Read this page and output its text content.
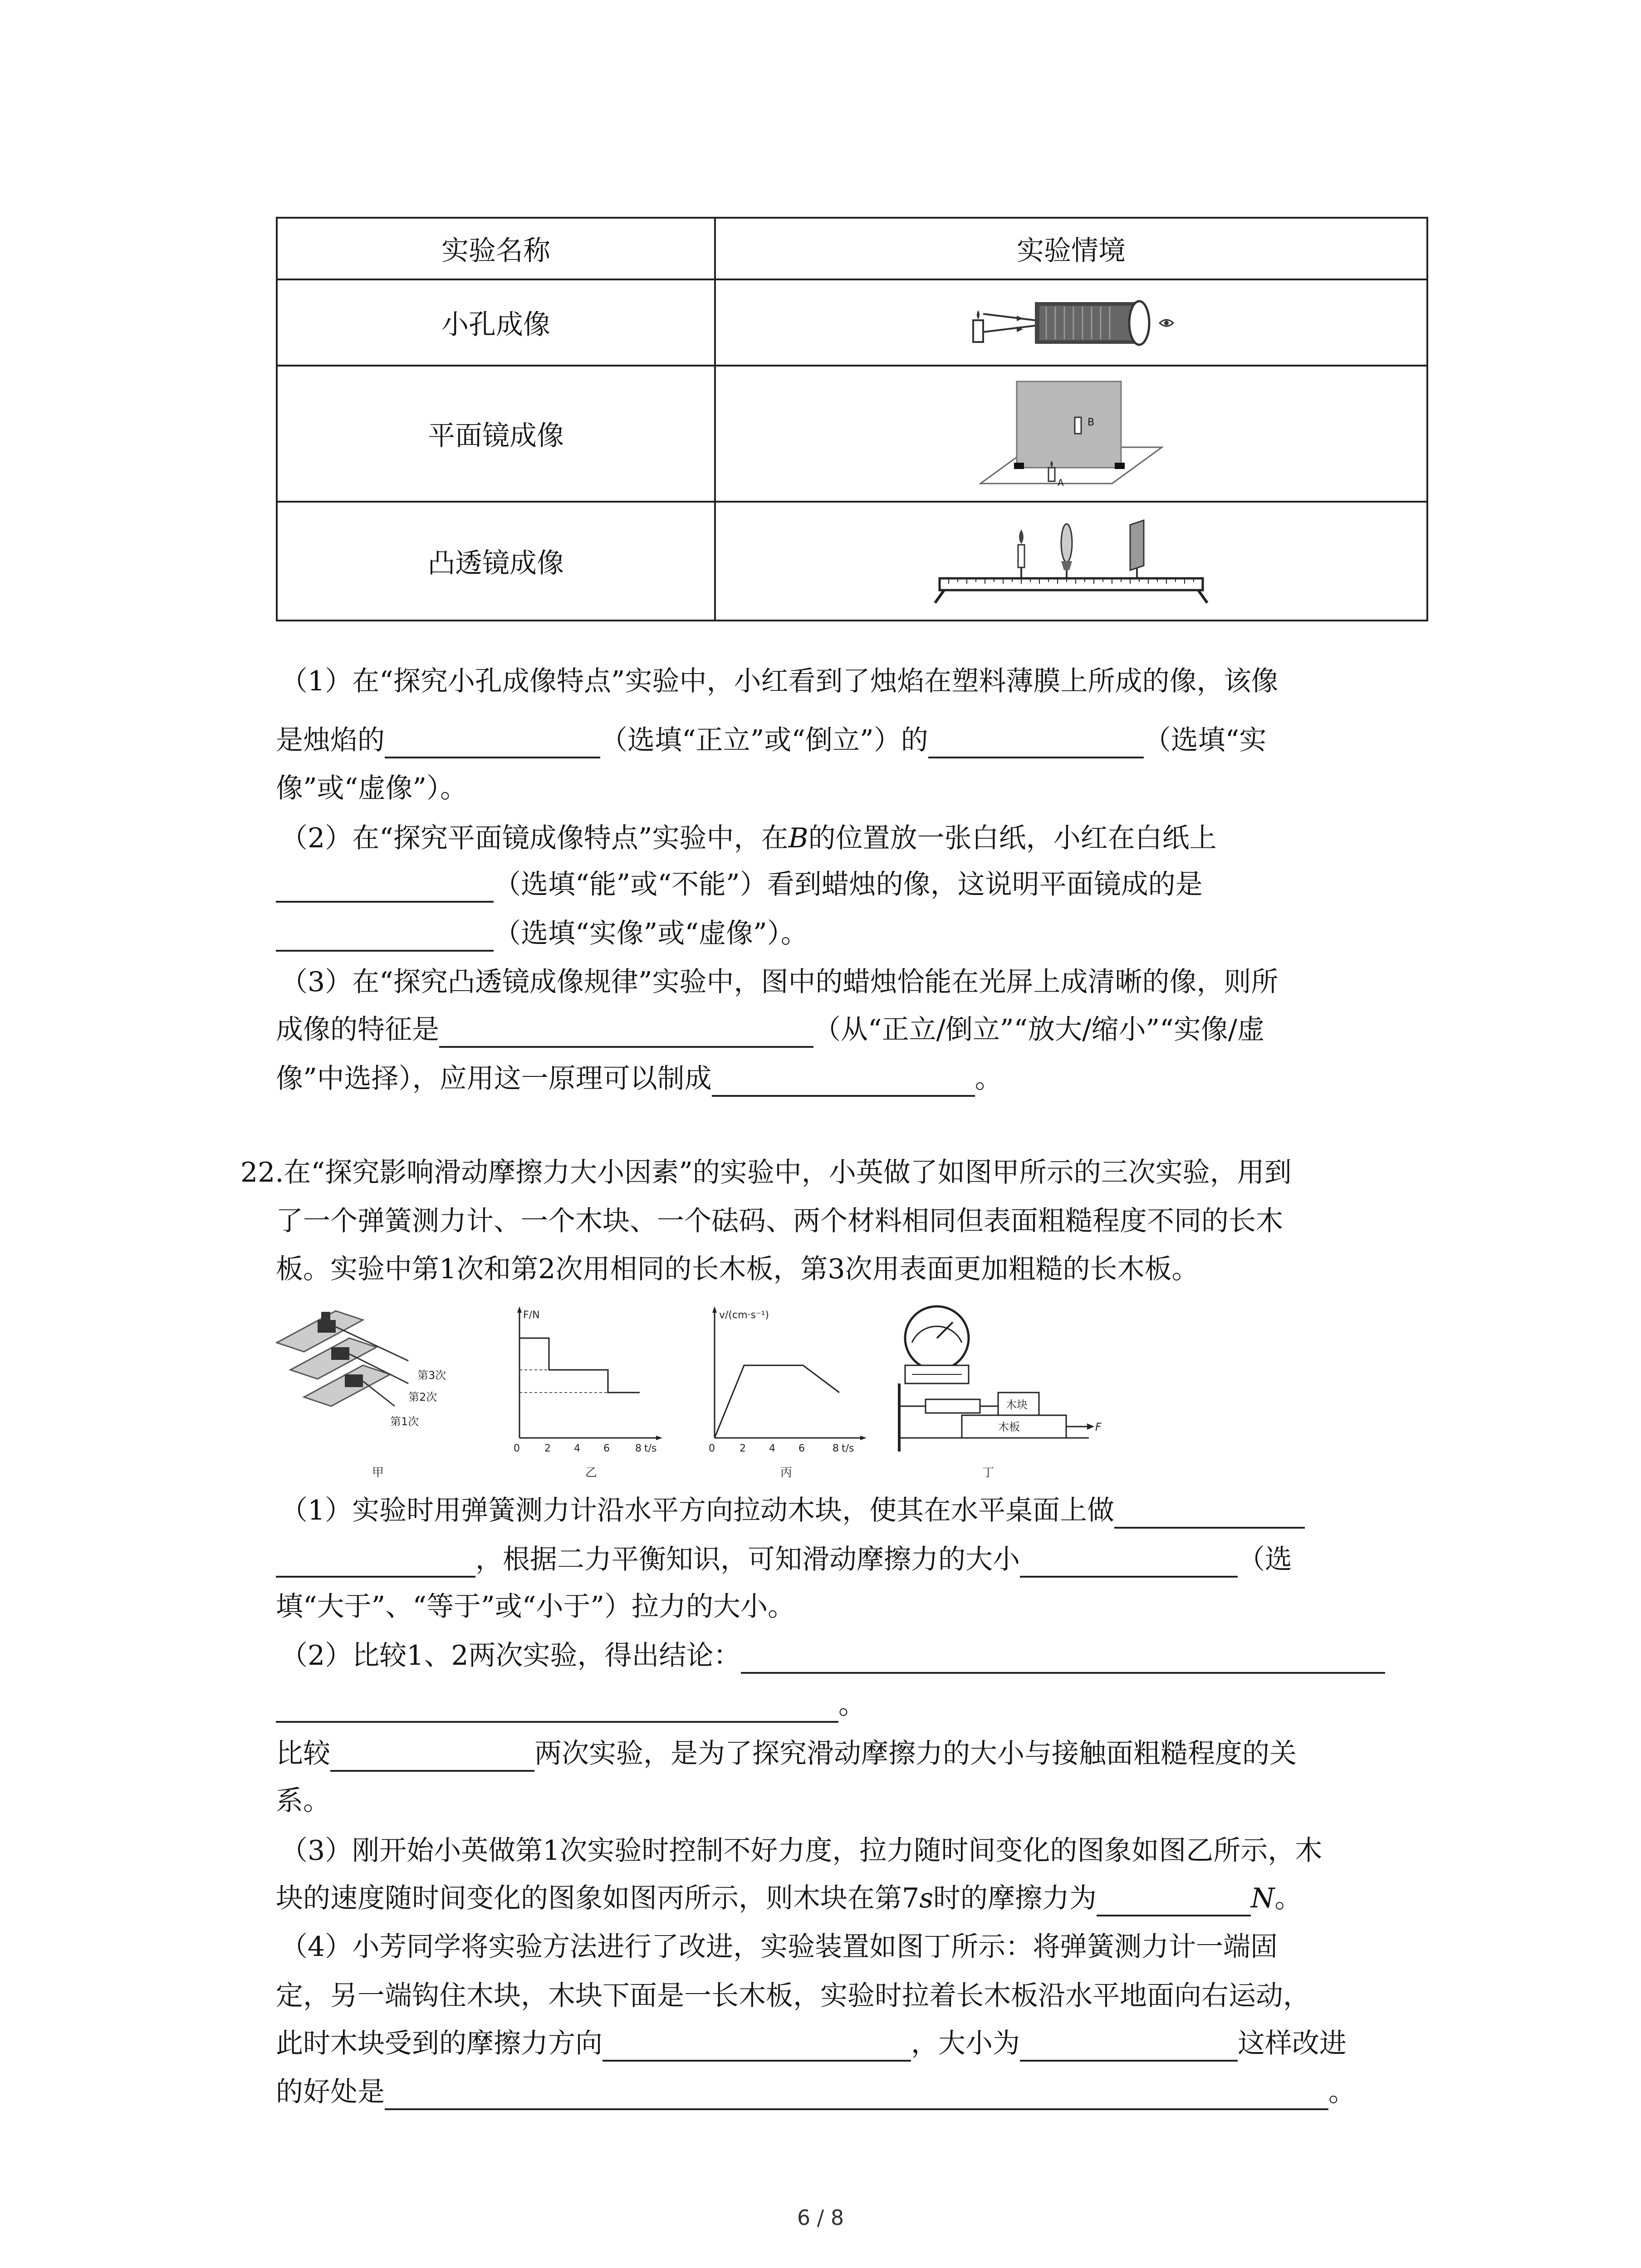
实验名称	实验情境
小孔成像	

平面镜成像	B
A

凸透镜成像	
（1）在“探究小孔成像特点”实验中，小红看到了烛焰在塑料薄膜上所成的像，该像
是烛焰的	（选填“正立”或“倒立”）的	（选填“实
像”或“虚像”）。
（2）在“探究平面镜成像特点”实验中，在B的位置放一张白纸，小红在白纸上
（选填“能”或“不能”）看到蜡烛的像，这说明平面镜成的是
（选填“实像”或“虚像”）。
（3）在“探究凸透镜成像规律”实验中，图中的蜡烛恰能在光屏上成清晰的像，则所
成像的特征是	（从“正立/倒立”“放大/缩小”“实像/虚
像”中选择），应用这一原理可以制成	。
22.在“探究影响滑动摩擦力大小因素”的实验中，小英做了如图甲所示的三次实验，用到
了一个弹簧测力计、一个木块、一个砝码、两个材料相同但表面粗糙程度不同的长木
板。实验中第1次和第2次用相同的长木板，第3次用表面更加粗糙的长木板。
第3次
第2次
第1次
甲
F/N
0 2 4 6	8 t/s
乙
v/(cm·s⁻¹)
0 2 4 6	8 t/s
丙
木块
木板	F
丁
（1）实验时用弹簧测力计沿水平方向拉动木块，使其在水平桌面上做
，根据二力平衡知识，可知滑动摩擦力的大小	（选
填“大于”、“等于”或“小于”）拉力的大小。
（2）比较1、2两次实验，得出结论：
。
比较	两次实验，是为了探究滑动摩擦力的大小与接触面粗糙程度的关
系。
（3）刚开始小英做第1次实验时控制不好力度，拉力随时间变化的图象如图乙所示，木
块的速度随时间变化的图象如图丙所示，则木块在第7s时的摩擦力为	N。
（4）小芳同学将实验方法进行了改进，实验装置如图丁所示：将弹簧测力计一端固
定，另一端钩住木块，木块下面是一长木板，实验时拉着长木板沿水平地面向右运动，
此时木块受到的摩擦力方向	，大小为	这样改进
的好处是	。
6 / 8
